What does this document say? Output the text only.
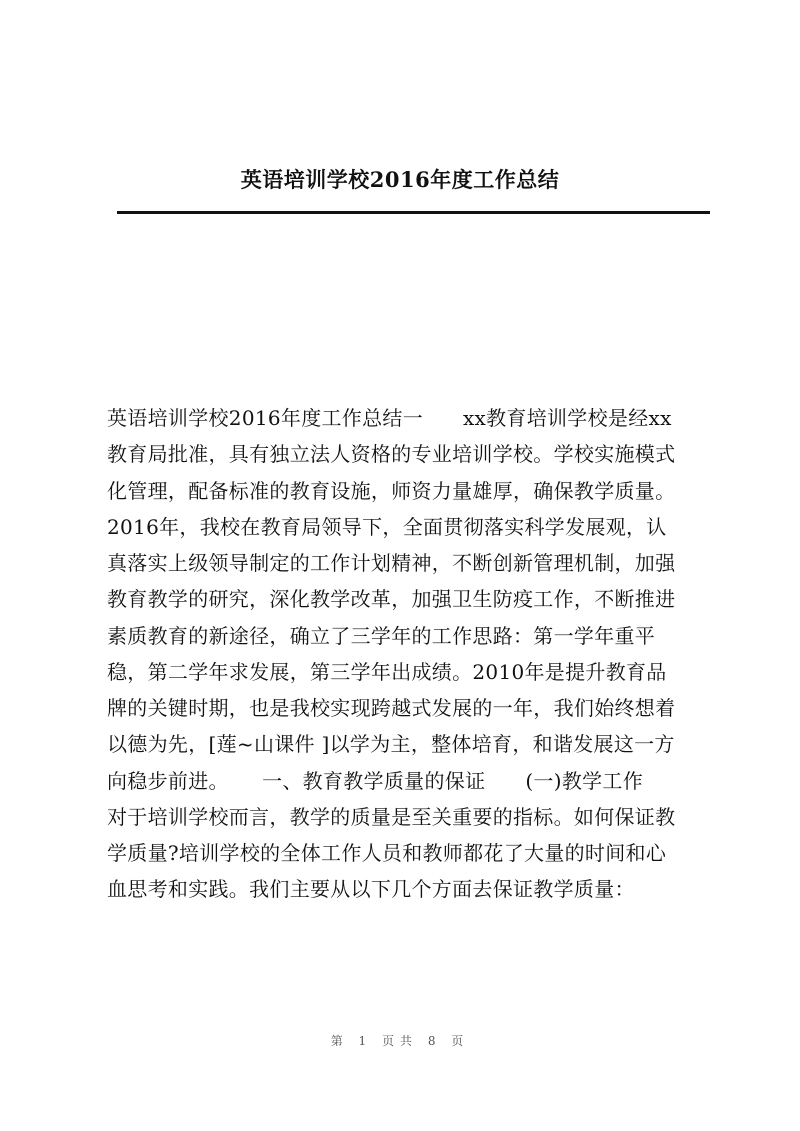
英语培训学校2016年度工作总结
英语培训学校2016年度工作总结一      xx教育培训学校是经xx
教育局批准，具有独立法人资格的专业培训学校。学校实施模式
化管理，配备标准的教育设施，师资力量雄厚，确保教学质量。
2016年，我校在教育局领导下，全面贯彻落实科学发展观，认
真落实上级领导制定的工作计划精神，不断创新管理机制，加强
教育教学的研究，深化教学改革，加强卫生防疫工作，不断推进
素质教育的新途径，确立了三学年的工作思路：第一学年重平
稳，第二学年求发展，第三学年出成绩。2010年是提升教育品
牌的关键时期，也是我校实现跨越式发展的一年，我们始终想着
以德为先，[莲~山课件 ]以学为主，整体培育，和谐发展这一方
向稳步前进。     一、教育教学质量的保证      (一)教学工作
对于培训学校而言，教学的质量是至关重要的指标。如何保证教
学质量?培训学校的全体工作人员和教师都花了大量的时间和心
血思考和实践。我们主要从以下几个方面去保证教学质量：
第 1 页共 8 页
